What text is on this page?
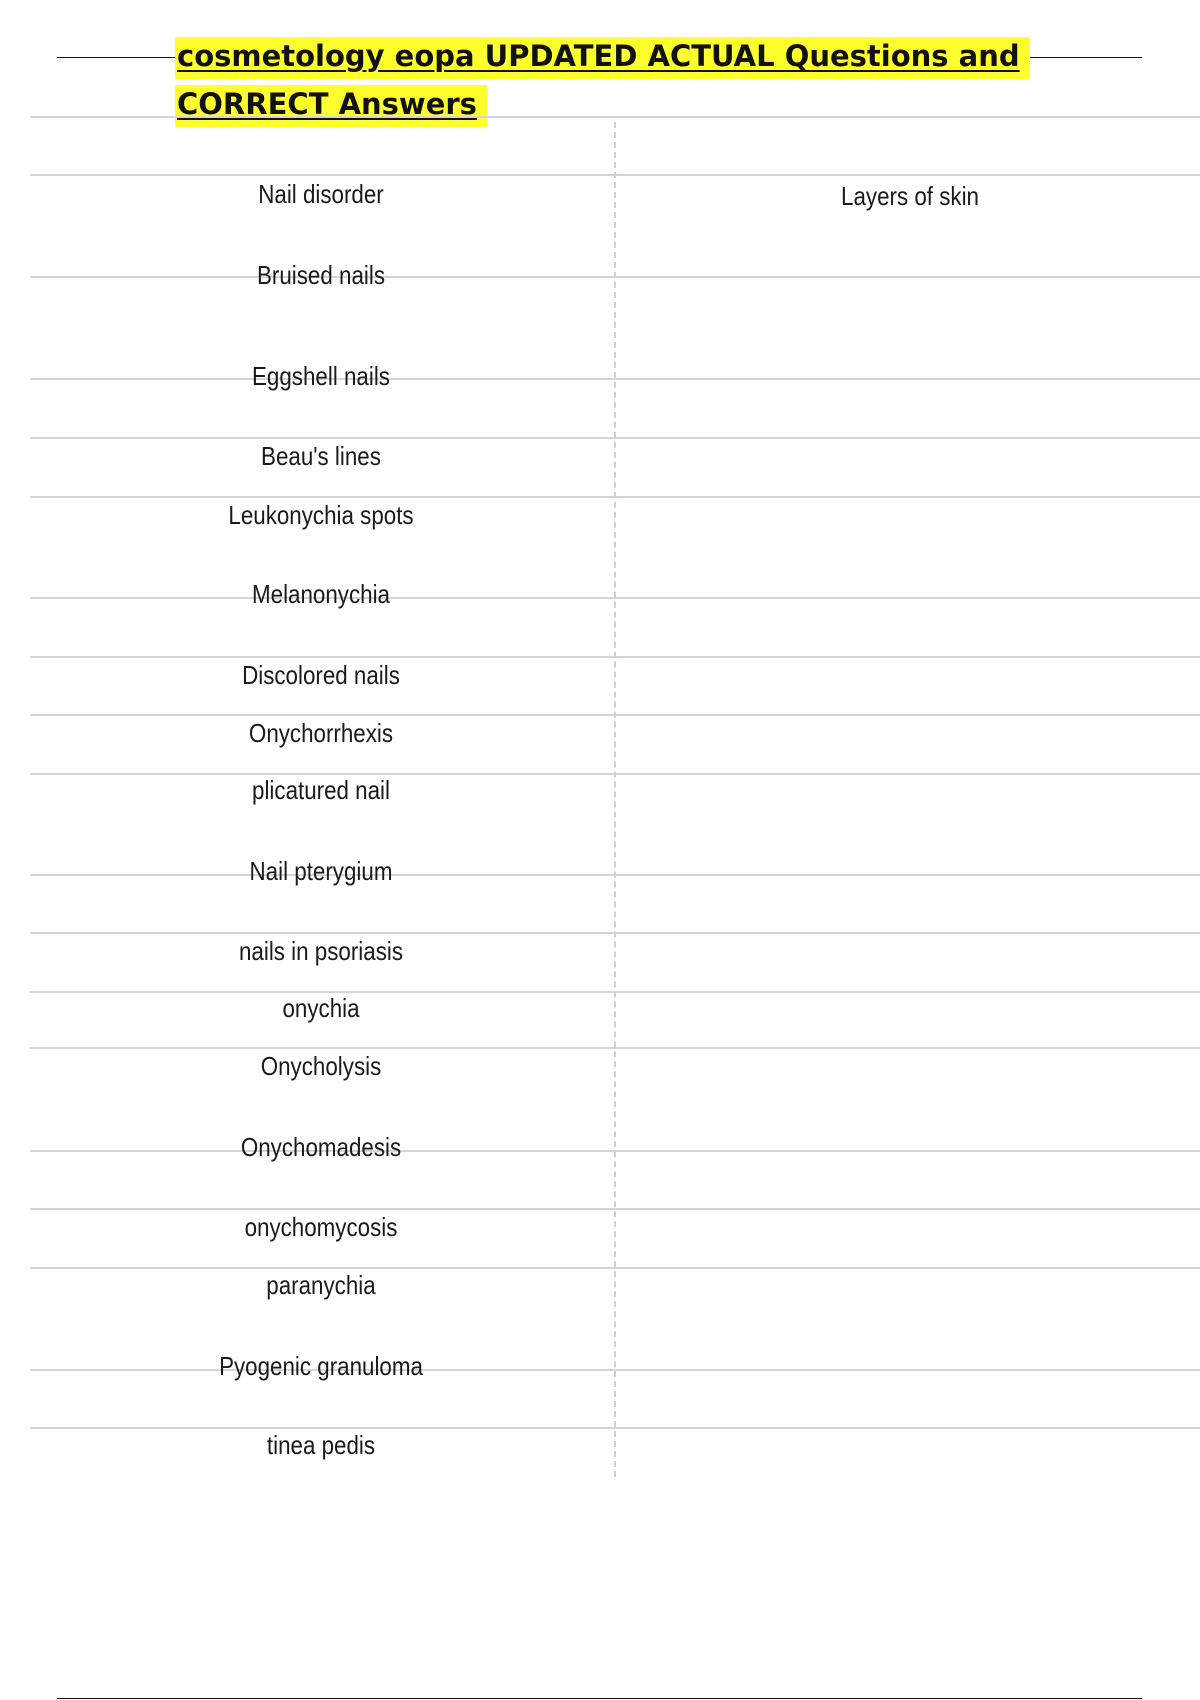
cosmetology eopa UPDATED ACTUAL Questions and CORRECT Answers
Nail disorder	Layers of skin
Bruised nails
Eggshell nails
Beau's lines
Leukonychia spots
Melanonychia
Discolored nails
Onychorrhexis
plicatured nail
Nail pterygium
nails in psoriasis
onychia
Onycholysis
Onychomadesis
onychomycosis
paranychia
Pyogenic granuloma
tinea pedis
